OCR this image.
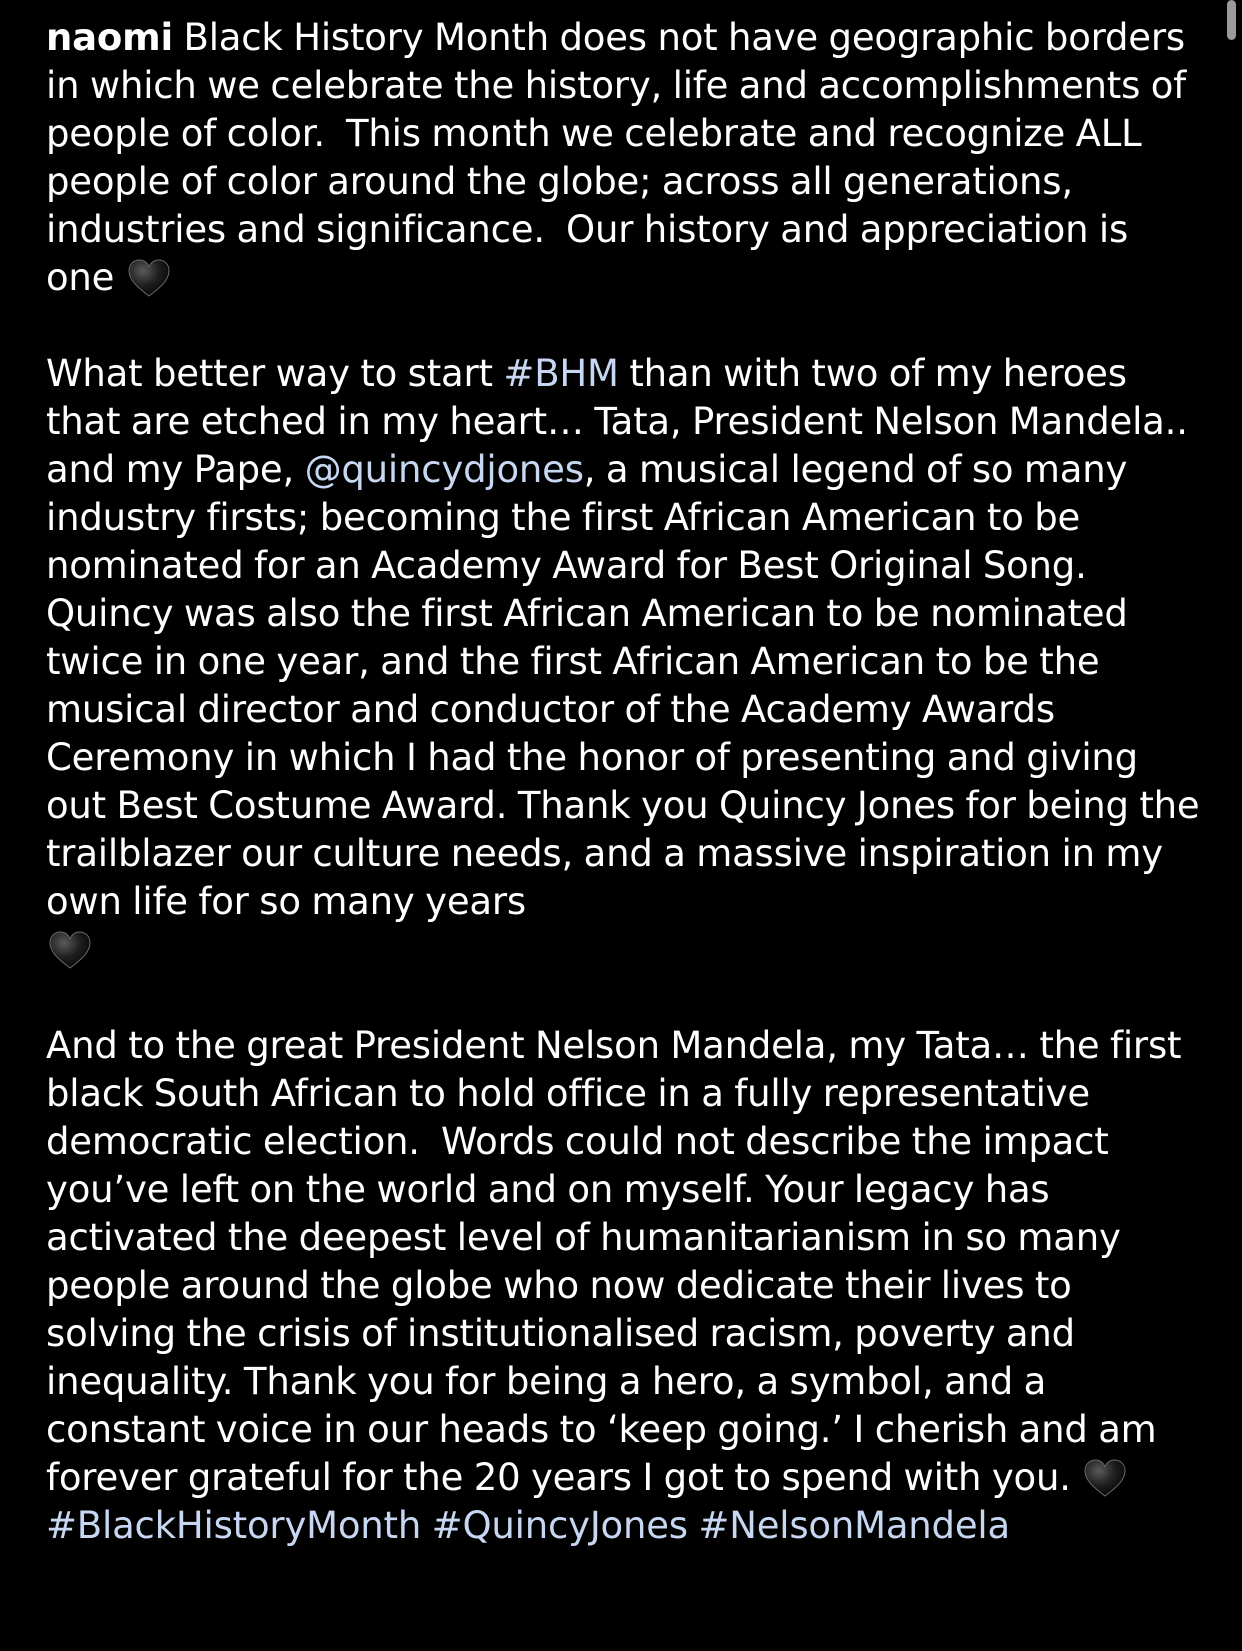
naomi Black History Month does not have geographic borders in which we celebrate the history, life and accomplishments of people of color.  This month we celebrate and recognize ALL people of color around the globe; across all generations, industries and significance.  Our history and appreciation is one

What better way to start #BHM than with two of my heroes that are etched in my heart… Tata, President Nelson Mandela.. and my Pape, @quincydjones, a musical legend of so many industry firsts; becoming the first African American to be nominated for an Academy Award for Best Original Song. Quincy was also the first African American to be nominated twice in one year, and the first African American to be the musical director and conductor of the Academy Awards Ceremony in which I had the honor of presenting and giving out Best Costume Award. Thank you Quincy Jones for being the trailblazer our culture needs, and a massive inspiration in my own life for so many years

And to the great President Nelson Mandela, my Tata… the first black South African to hold office in a fully representative democratic election.  Words could not describe the impact you’ve left on the world and on myself. Your legacy has activated the deepest level of humanitarianism in so many people around the globe who now dedicate their lives to solving the crisis of institutionalised racism, poverty and inequality. Thank you for being a hero, a symbol, and a constant voice in our heads to ‘keep going.’ I cherish and am forever grateful for the 20 years I got to spend with you.

#BlackHistoryMonth #QuincyJones #NelsonMandela
